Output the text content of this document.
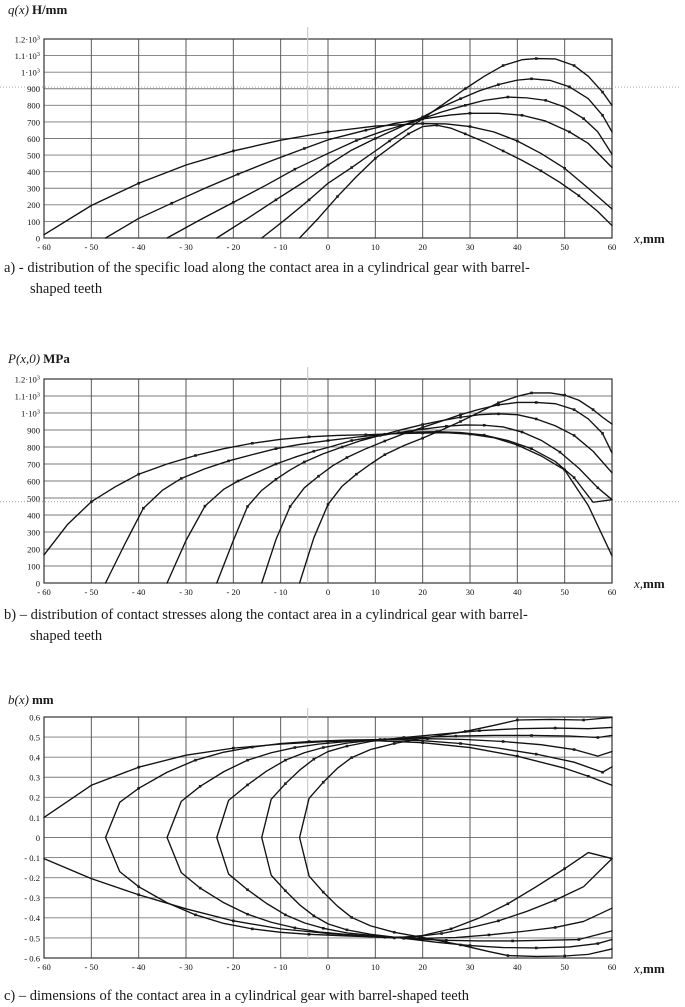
q(x) H/mm
x,mm
0
100
200
300
400
500
600
700
800
900
$1\cdot 10^3$
$1.1\cdot 10^3$
$1.2\cdot 10^3$
- 60	- 50	- 40	- 30	- 20	- 10	0	10	20	30	40	50	60
a) - distribution of the specific load along the contact area in a cylindrical gear with barrel-
shaped teeth
P(x,0) MPa
x,mm
0
100
200
300
400
500
600
700
800
900
$1\cdot 10^3$
$1.1\cdot 10^3$
$1.2\cdot 10^3$
- 60	- 50	- 40	- 30	- 20	- 10	0	10	20	30	40	50	60
b) – distribution of contact stresses along the contact area in a cylindrical gear with barrel-
shaped teeth
b(x) mm
x,mm
- 0.6
- 0.5
- 0.4
- 0.3
- 0.2
- 0.1
0
0.1
0.2
0.3
0.4
0.5
0.6
- 60	- 50	- 40	- 30	- 20	- 10	0	10	20	30	40	50	60
c) – dimensions of the contact area in a cylindrical gear with barrel-shaped teeth
